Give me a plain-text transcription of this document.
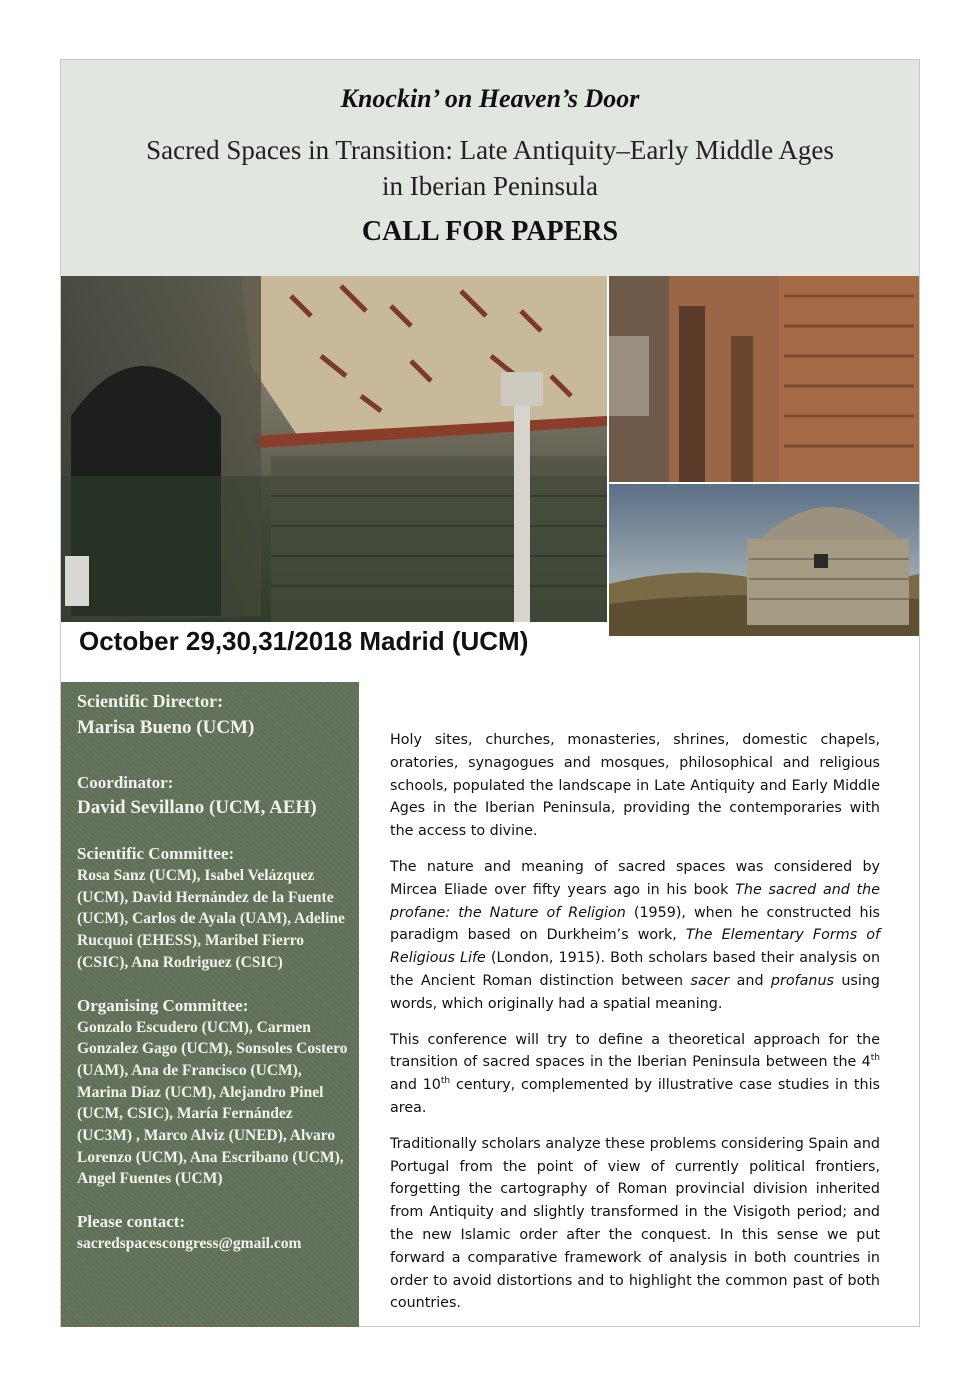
Knockin’ on Heaven’s Door
Sacred Spaces in Transition: Late Antiquity–Early Middle Ages
in Iberian Peninsula
CALL FOR PAPERS
October 29,30,31/2018 Madrid (UCM)
Scientific Director:
Marisa Bueno (UCM)
Coordinator:
David Sevillano (UCM, AEH)
Scientific Committee:
Rosa Sanz (UCM), Isabel Velázquez (UCM), David Hernández de la Fuente (UCM), Carlos de Ayala (UAM), Adeline Rucquoi (EHESS), Maribel Fierro (CSIC), Ana Rodriguez (CSIC)
Organising Committee:
Gonzalo Escudero (UCM), Carmen Gonzalez Gago (UCM), Sonsoles Costero (UAM), Ana de Francisco (UCM), Marina Díaz (UCM), Alejandro Pinel (UCM, CSIC), María Fernández (UC3M) , Marco Alviz (UNED), Alvaro Lorenzo (UCM), Ana Escribano (UCM), Angel Fuentes (UCM)
Please contact:
sacredspacescongress@gmail.com

Holy sites, churches, monasteries, shrines, domestic chapels, oratories, synagogues and mosques, philosophical and religious schools, populated the landscape in Late Antiquity and Early Middle Ages in the Iberian Peninsula, providing the contemporaries with the access to divine.

The nature and meaning of sacred spaces was considered by Mircea Eliade over fifty years ago in his book The sacred and the profane: the Nature of Religion (1959), when he constructed his paradigm based on Durkheim’s work, The Elementary Forms of Religious Life (London, 1915). Both scholars based their analysis on the Ancient Roman distinction between sacer and profanus using words, which originally had a spatial meaning.

This conference will try to define a theoretical approach for the transition of sacred spaces in the Iberian Peninsula between the 4th and 10th century, complemented by illustrative case studies in this area.

Traditionally scholars analyze these problems considering Spain and Portugal from the point of view of currently political frontiers, forgetting the cartography of Roman provincial division inherited from Antiquity and slightly transformed in the Visigoth period; and the new Islamic order after the conquest. In this sense we put forward a comparative framework of analysis in both countries in order to avoid distortions and to highlight the common past of both countries.
